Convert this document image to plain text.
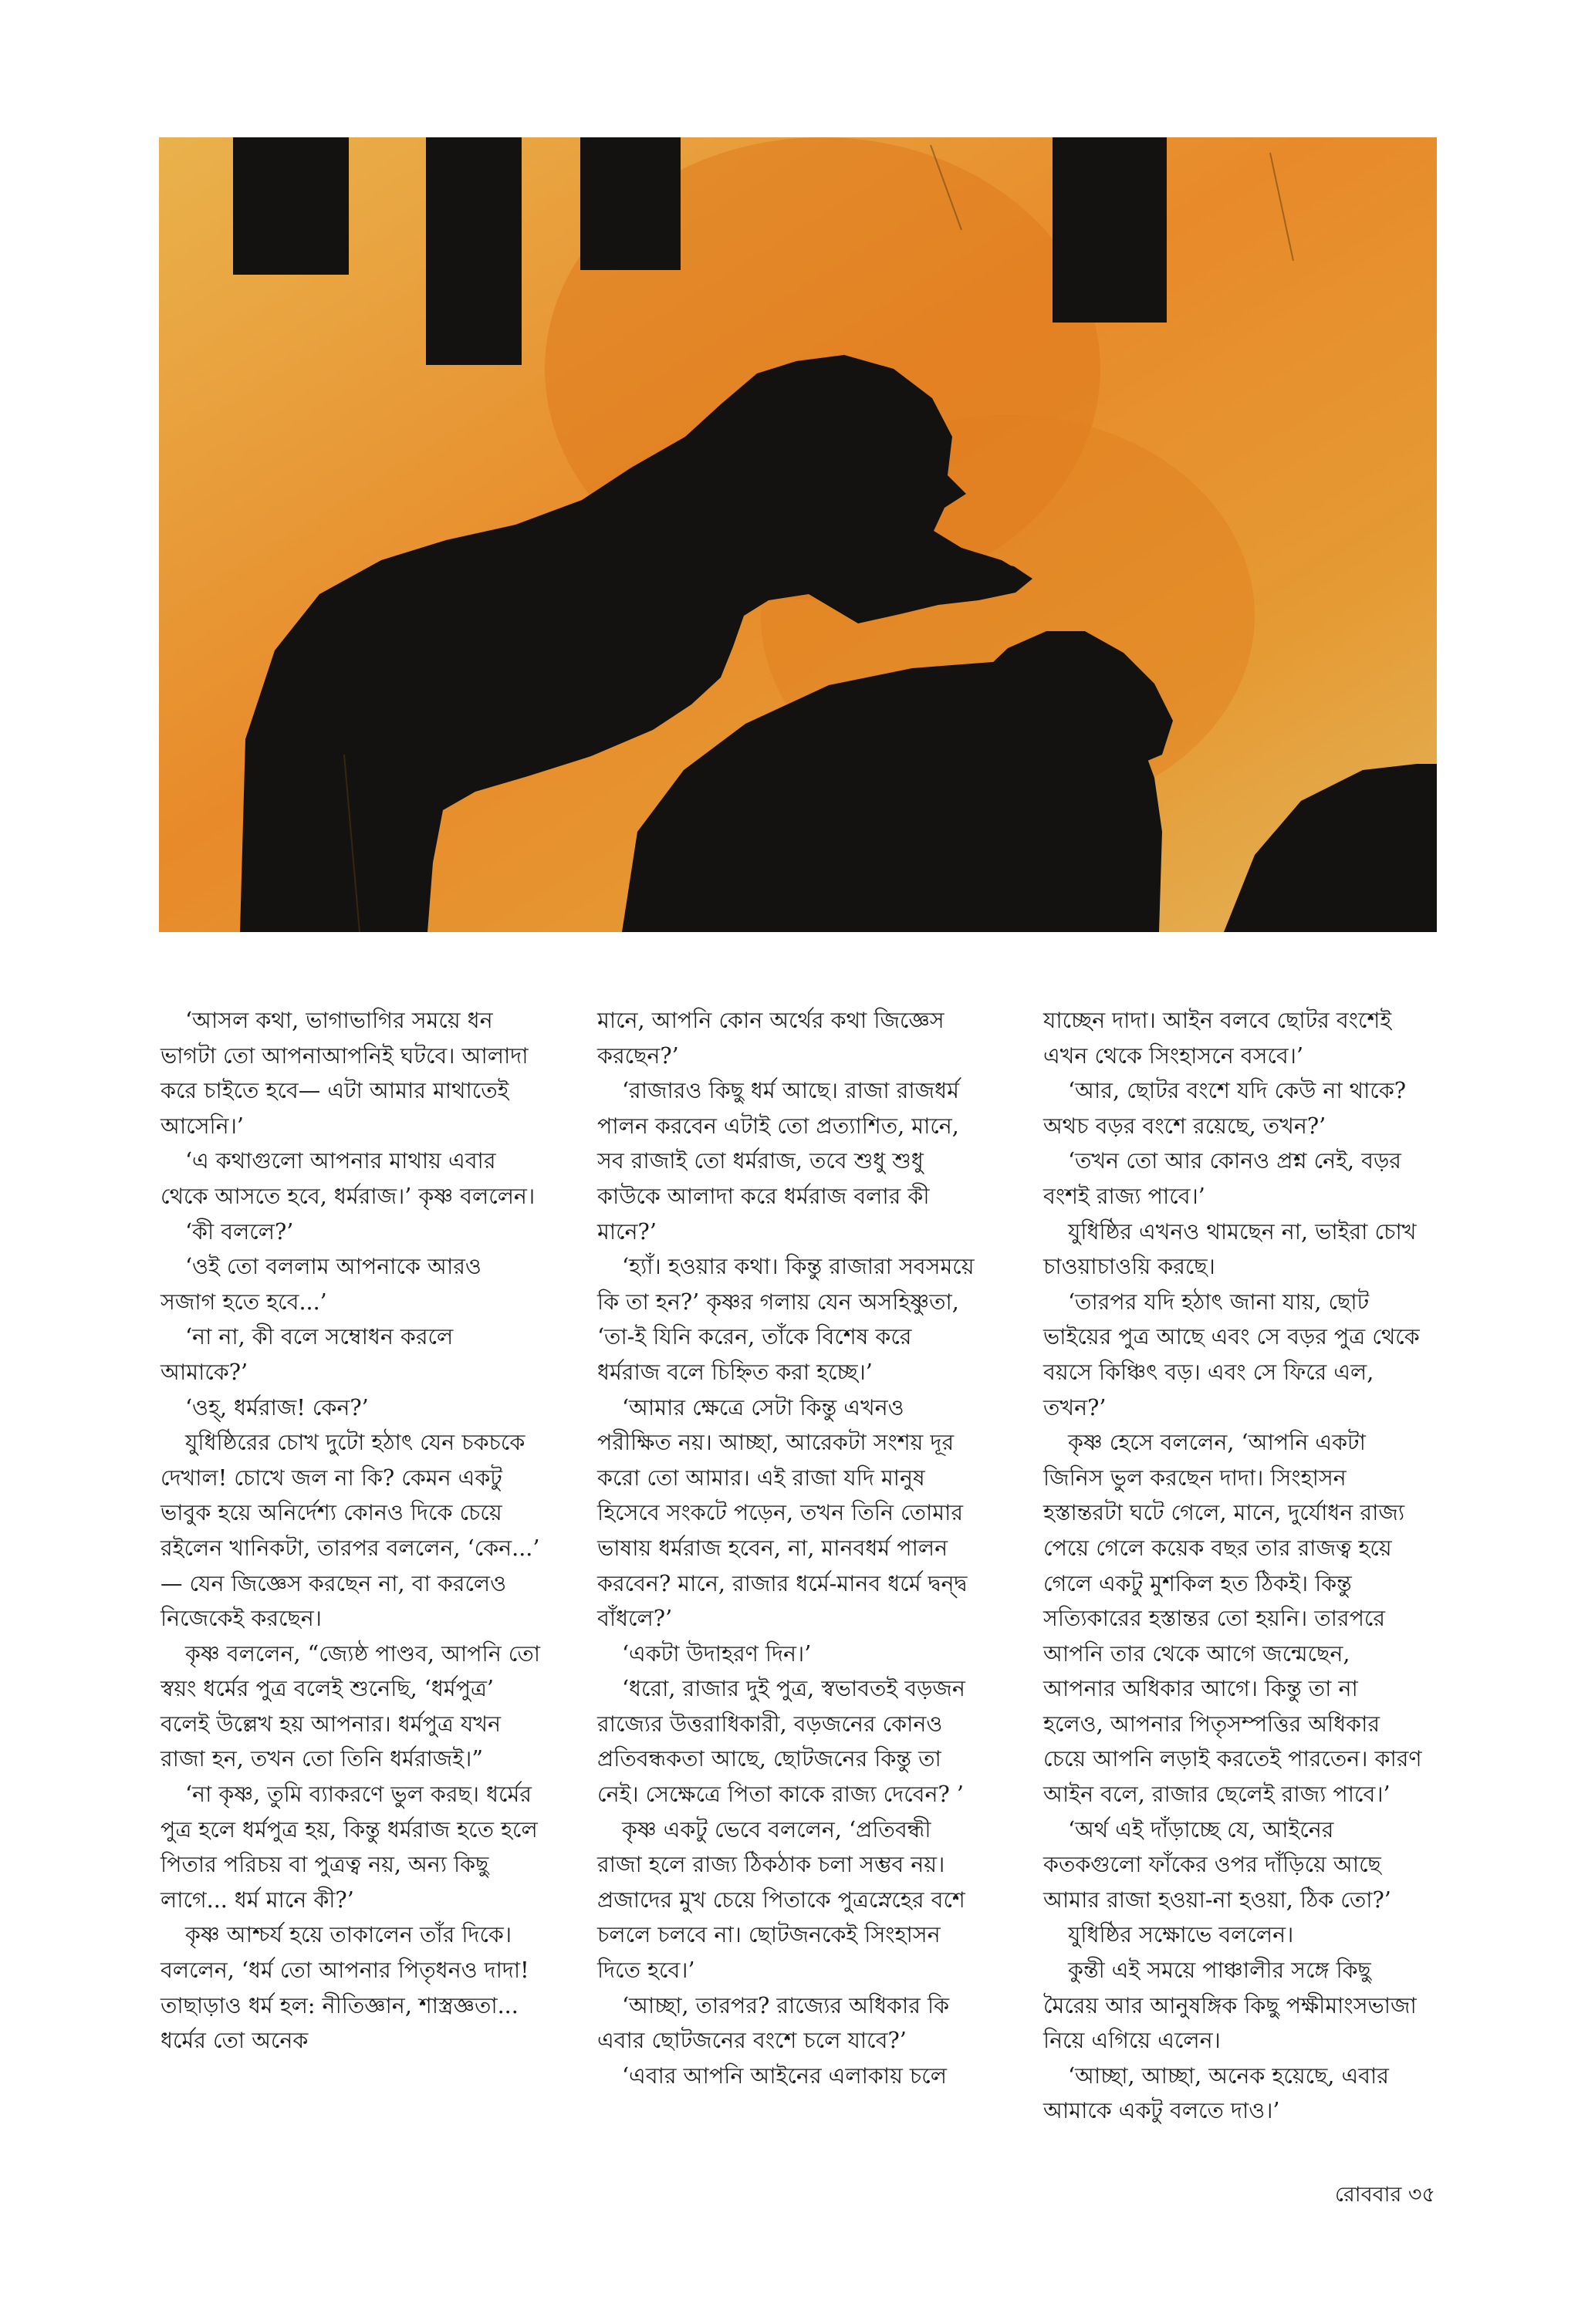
‘আসল কথা, ভাগাভাগির সময়ে ধন ভাগটা তো আপনাআপনিই ঘটবে। আলাদা করে চাইতে হবে— এটা আমার মাথাতেই আসেনি।’

‘এ কথাগুলো আপনার মাথায় এবার থেকে আসতে হবে, ধর্মরাজ।’ কৃষ্ণ বললেন।

‘কী বললে?’

‘ওই তো বললাম আপনাকে আরও সজাগ হতে হবে...’

‘না না, কী বলে সম্বোধন করলে আমাকে?’

‘ওহ্, ধর্মরাজ! কেন?’

যুধিষ্ঠিরের চোখ দুটো হঠাৎ যেন চকচকে দেখাল! চোখে জল না কি? কেমন একটু ভাবুক হয়ে অনির্দেশ্য কোনও দিকে চেয়ে রইলেন খানিকটা, তারপর বললেন, ‘কেন...’ — যেন জিজ্ঞেস করছেন না, বা করলেও নিজেকেই করছেন।

কৃষ্ণ বললেন, “জ্যেষ্ঠ পাণ্ডব, আপনি তো স্বয়ং ধর্মের পুত্র বলেই শুনেছি, ‘ধর্মপুত্র’ বলেই উল্লেখ হয় আপনার। ধর্মপুত্র যখন রাজা হন, তখন তো তিনি ধর্মরাজই।”

‘না কৃষ্ণ, তুমি ব্যাকরণে ভুল করছ। ধর্মের পুত্র হলে ধর্মপুত্র হয়, কিন্তু ধর্মরাজ হতে হলে পিতার পরিচয় বা পুত্রত্ব নয়, অন্য কিছু লাগে... ধর্ম মানে কী?’

কৃষ্ণ আশ্চর্য হয়ে তাকালেন তাঁর দিকে। বললেন, ‘ধর্ম তো আপনার পিতৃধনও দাদা! তাছাড়াও ধর্ম হল: নীতিজ্ঞান, শাস্ত্রজ্ঞতা... ধর্মের তো অনেক

মানে, আপনি কোন অর্থের কথা জিজ্ঞেস করছেন?’

‘রাজারও কিছু ধর্ম আছে। রাজা রাজধর্ম পালন করবেন এটাই তো প্রত্যাশিত, মানে, সব রাজাই তো ধর্মরাজ, তবে শুধু শুধু কাউকে আলাদা করে ধর্মরাজ বলার কী মানে?’

‘হ্যাঁ। হওয়ার কথা। কিন্তু রাজারা সবসময়ে কি তা হন?’ কৃষ্ণর গলায় যেন অসহিষ্ণুতা, ‘তা-ই যিনি করেন, তাঁকে বিশেষ করে ধর্মরাজ বলে চিহ্নিত করা হচ্ছে।’

‘আমার ক্ষেত্রে সেটা কিন্তু এখনও পরীক্ষিত নয়। আচ্ছা, আরেকটা সংশয় দূর করো তো আমার। এই রাজা যদি মানুষ হিসেবে সংকটে পড়েন, তখন তিনি তোমার ভাষায় ধর্মরাজ হবেন, না, মানবধর্ম পালন করবেন? মানে, রাজার ধর্মে-মানব ধর্মে দ্বন্দ্ব বাঁধলে?’

‘একটা উদাহরণ দিন।’

‘ধরো, রাজার দুই পুত্র, স্বভাবতই বড়জন রাজ্যের উত্তরাধিকারী, বড়জনের কোনও প্রতিবন্ধকতা আছে, ছোটজনের কিন্তু তা নেই। সেক্ষেত্রে পিতা কাকে রাজ্য দেবেন? ’

কৃষ্ণ একটু ভেবে বললেন, ‘প্রতিবন্ধী রাজা হলে রাজ্য ঠিকঠাক চলা সম্ভব নয়। প্রজাদের মুখ চেয়ে পিতাকে পুত্রস্নেহের বশে চললে চলবে না। ছোটজনকেই সিংহাসন দিতে হবে।’

‘আচ্ছা, তারপর? রাজ্যের অধিকার কি এবার ছোটজনের বংশে চলে যাবে?’

‘এবার আপনি আইনের এলাকায় চলে

যাচ্ছেন দাদা। আইন বলবে ছোটর বংশেই এখন থেকে সিংহাসনে বসবে।’

‘আর, ছোটর বংশে যদি কেউ না থাকে? অথচ বড়র বংশে রয়েছে, তখন?’

‘তখন তো আর কোনও প্রশ্ন নেই, বড়র বংশই রাজ্য পাবে।’

যুধিষ্ঠির এখনও থামছেন না, ভাইরা চোখ চাওয়াচাওয়ি করছে।

‘তারপর যদি হঠাৎ জানা যায়, ছোট ভাইয়ের পুত্র আছে এবং সে বড়র পুত্র থেকে বয়সে কিঞ্চিৎ বড়। এবং সে ফিরে এল, তখন?’

কৃষ্ণ হেসে বললেন, ‘আপনি একটা জিনিস ভুল করছেন দাদা। সিংহাসন হস্তান্তরটা ঘটে গেলে, মানে, দুর্যোধন রাজ্য পেয়ে গেলে কয়েক বছর তার রাজত্ব হয়ে গেলে একটু মুশকিল হত ঠিকই। কিন্তু সত্যিকারের হস্তান্তর তো হয়নি। তারপরে আপনি তার থেকে আগে জন্মেছেন, আপনার অধিকার আগে। কিন্তু তা না হলেও, আপনার পিতৃসম্পত্তির অধিকার চেয়ে আপনি লড়াই করতেই পারতেন। কারণ আইন বলে, রাজার ছেলেই রাজ্য পাবে।’

‘অর্থ এই দাঁড়াচ্ছে যে, আইনের কতকগুলো ফাঁকের ওপর দাঁড়িয়ে আছে আমার রাজা হওয়া-না হওয়া, ঠিক তো?’

যুধিষ্ঠির সক্ষোভে বললেন।

কুন্তী এই সময়ে পাঞ্চালীর সঙ্গে কিছু মৈরেয় আর আনুষঙ্গিক কিছু পক্ষীমাংসভাজা নিয়ে এগিয়ে এলেন।

‘আচ্ছা, আচ্ছা, অনেক হয়েছে, এবার আমাকে একটু বলতে দাও।’

রোববার ৩৫
